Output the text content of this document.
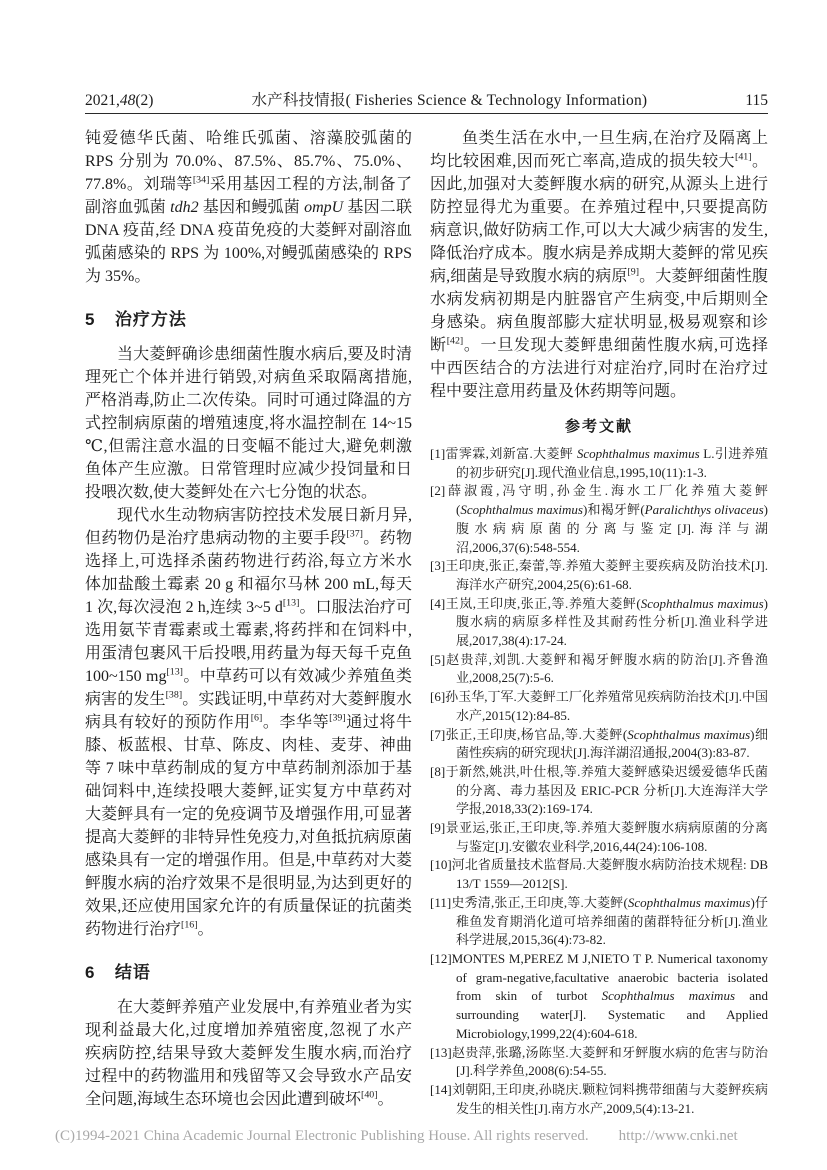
2021,48(2)	水产科技情报( Fisheries Science & Technology Information)	115

钝爱德华氏菌、哈维氏弧菌、溶藻胶弧菌的 RPS 分别为 70.0%、87.5%、85.7%、75.0%、77.8%。刘瑞等[34]采用基因工程的方法,制备了副溶血弧菌 tdh2 基因和鳗弧菌 ompU 基因二联 DNA 疫苗,经 DNA 疫苗免疫的大菱鲆对副溶血弧菌感染的 RPS 为 100%,对鳗弧菌感染的 RPS 为 35%。

5 治疗方法

当大菱鲆确诊患细菌性腹水病后,要及时清理死亡个体并进行销毁,对病鱼采取隔离措施,严格消毒,防止二次传染。同时可通过降温的方式控制病原菌的增殖速度,将水温控制在 14~15 ℃,但需注意水温的日变幅不能过大,避免刺激鱼体产生应激。日常管理时应减少投饲量和日投喂次数,使大菱鲆处在六七分饱的状态。

现代水生动物病害防控技术发展日新月异,但药物仍是治疗患病动物的主要手段[37]。药物选择上,可选择杀菌药物进行药浴,每立方米水体加盐酸土霉素 20 g 和福尔马林 200 mL,每天 1 次,每次浸泡 2 h,连续 3~5 d[13]。口服法治疗可选用氨苄青霉素或土霉素,将药拌和在饲料中,用蛋清包裹风干后投喂,用药量为每天每千克鱼 100~150 mg[13]。中草药可以有效减少养殖鱼类病害的发生[38]。实践证明,中草药对大菱鲆腹水病具有较好的预防作用[6]。李华等[39]通过将牛膝、板蓝根、甘草、陈皮、肉桂、麦芽、神曲等 7 味中草药制成的复方中草药制剂添加于基础饲料中,连续投喂大菱鲆,证实复方中草药对大菱鲆具有一定的免疫调节及增强作用,可显著提高大菱鲆的非特异性免疫力,对鱼抵抗病原菌感染具有一定的增强作用。但是,中草药对大菱鲆腹水病的治疗效果不是很明显,为达到更好的效果,还应使用国家允许的有质量保证的抗菌类药物进行治疗[16]。

6 结语

在大菱鲆养殖产业发展中,有养殖业者为实现利益最大化,过度增加养殖密度,忽视了水产疾病防控,结果导致大菱鲆发生腹水病,而治疗过程中的药物滥用和残留等又会导致水产品安全问题,海域生态环境也会因此遭到破坏[40]。

鱼类生活在水中,一旦生病,在治疗及隔离上均比较困难,因而死亡率高,造成的损失较大[41]。因此,加强对大菱鲆腹水病的研究,从源头上进行防控显得尤为重要。在养殖过程中,只要提高防病意识,做好防病工作,可以大大减少病害的发生,降低治疗成本。腹水病是养成期大菱鲆的常见疾病,细菌是导致腹水病的病原[9]。大菱鲆细菌性腹水病发病初期是内脏器官产生病变,中后期则全身感染。病鱼腹部膨大症状明显,极易观察和诊断[42]。一旦发现大菱鲆患细菌性腹水病,可选择中西医结合的方法进行对症治疗,同时在治疗过程中要注意用药量及休药期等问题。

参考文献
[1]雷霁霖,刘新富.大菱鲆 Scophthalmus maximus L.引进养殖的初步研究[J].现代渔业信息,1995,10(11):1-3.
[2]薛淑霞,冯守明,孙金生.海水工厂化养殖大菱鲆(Scophthalmus maximus)和褐牙鲆(Paralichthys olivaceus)腹水病病原菌的分离与鉴定[J].海洋与湖沼,2006,37(6):548-554.
[3]王印庚,张正,秦蕾,等.养殖大菱鲆主要疾病及防治技术[J].海洋水产研究,2004,25(6):61-68.
[4]王岚,王印庚,张正,等.养殖大菱鲆(Scophthalmus maximus)腹水病的病原多样性及其耐药性分析[J].渔业科学进展,2017,38(4):17-24.
[5]赵贵萍,刘凯.大菱鲆和褐牙鲆腹水病的防治[J].齐鲁渔业,2008,25(7):5-6.
[6]孙玉华,丁军.大菱鲆工厂化养殖常见疾病防治技术[J].中国水产,2015(12):84-85.
[7]张正,王印庚,杨官品,等.大菱鲆(Scophthalmus maximus)细菌性疾病的研究现状[J].海洋湖沼通报,2004(3):83-87.
[8]于新然,姚洪,叶仕根,等.养殖大菱鲆感染迟缓爱德华氏菌的分离、毒力基因及 ERIC-PCR 分析[J].大连海洋大学学报,2018,33(2):169-174.
[9]景亚运,张正,王印庚,等.养殖大菱鲆腹水病病原菌的分离与鉴定[J].安徽农业科学,2016,44(24):106-108.
[10]河北省质量技术监督局.大菱鲆腹水病防治技术规程: DB 13/T 1559—2012[S].
[11]史秀清,张正,王印庚,等.大菱鲆(Scophthalmus maximus)仔稚鱼发育期消化道可培养细菌的菌群特征分析[J].渔业科学进展,2015,36(4):73-82.
[12]MONTES M,PEREZ M J,NIETO T P. Numerical taxonomy of gram-negative,facultative anaerobic bacteria isolated from skin of turbot Scophthalmus maximus and surrounding water[J]. Systematic and Applied Microbiology,1999,22(4):604-618.
[13]赵贵萍,张璐,汤陈坚.大菱鲆和牙鲆腹水病的危害与防治[J].科学养鱼,2008(6):54-55.
[14]刘朝阳,王印庚,孙晓庆.颗粒饲料携带细菌与大菱鲆疾病发生的相关性[J].南方水产,2009,5(4):13-21.
(C)1994-2021 China Academic Journal Electronic Publishing House. All rights reserved. http://www.cnki.net
